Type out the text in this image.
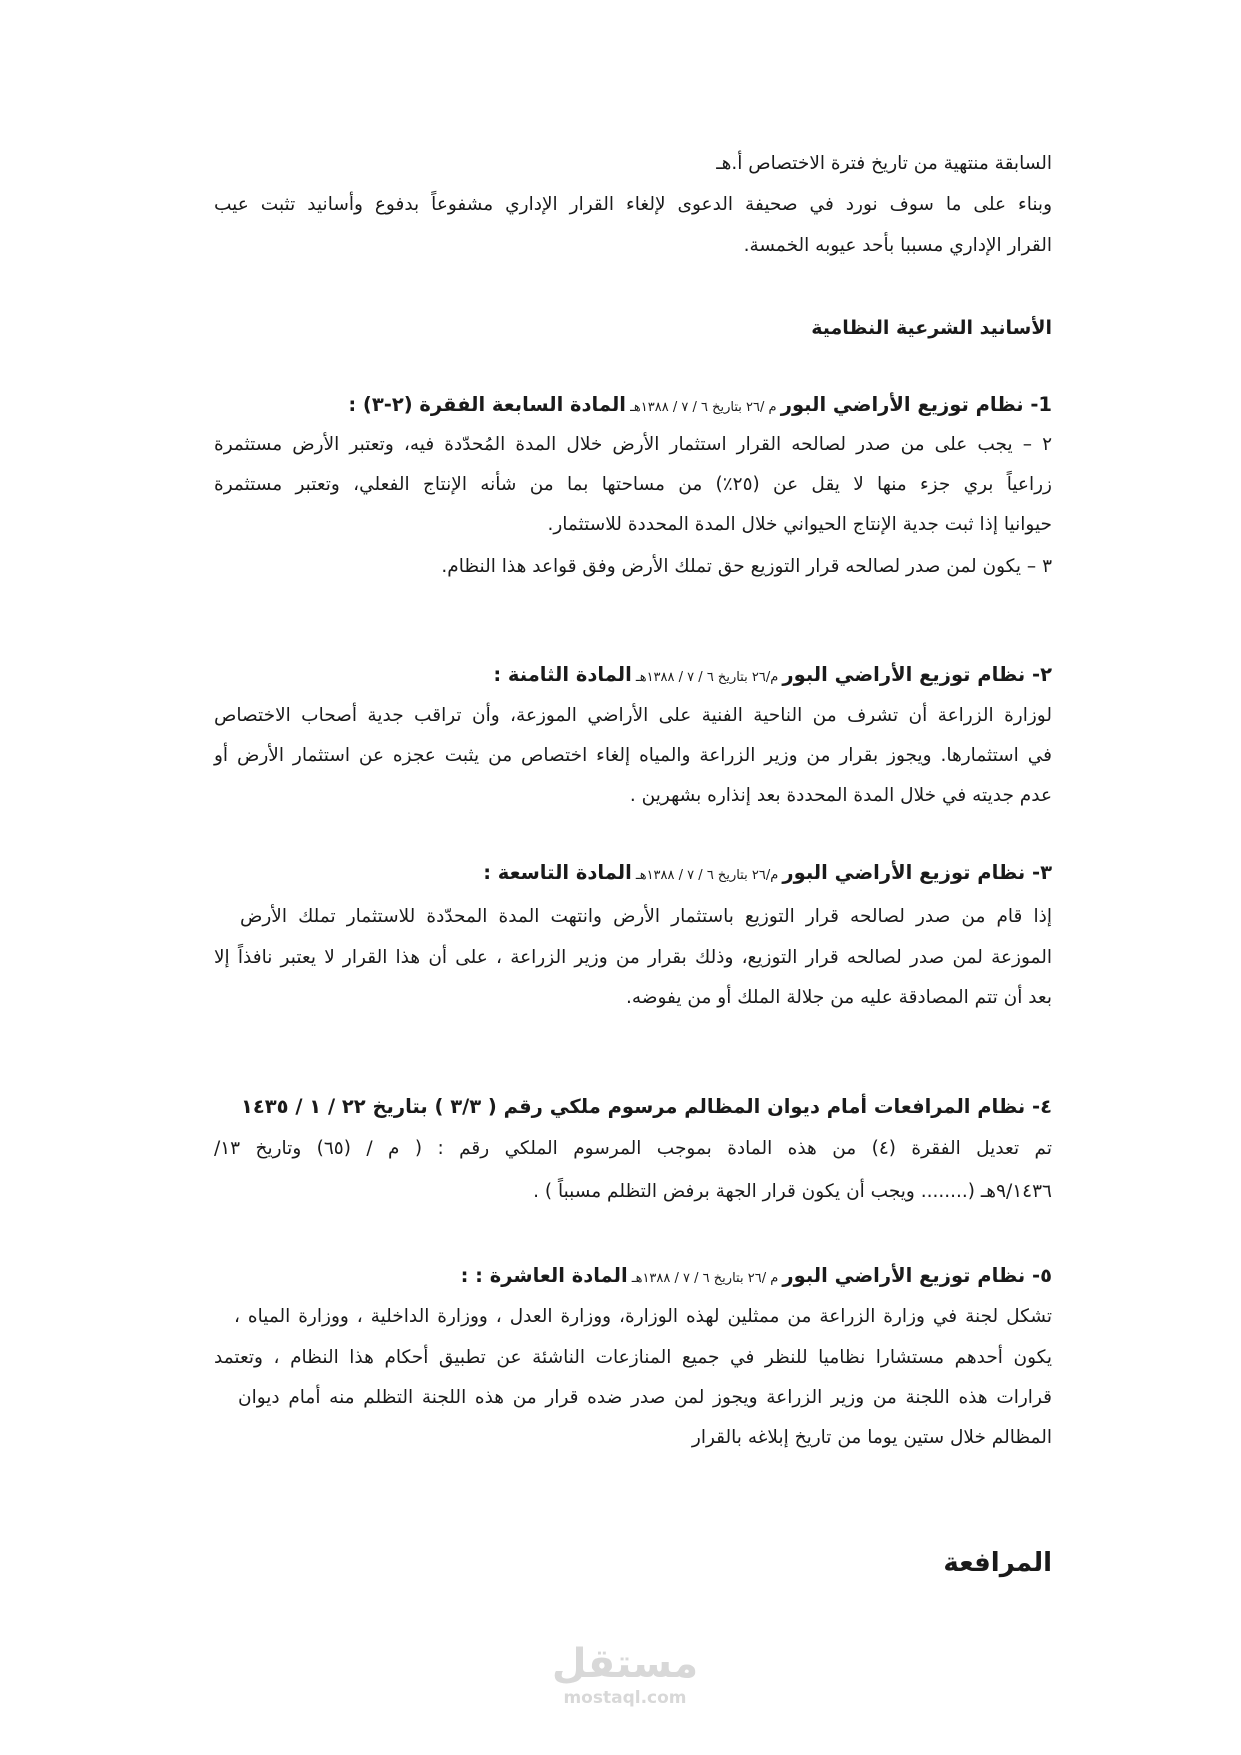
السابقة منتهية من تاريخ فترة الاختصاص أ.هـ
وبناء على ما سوف نورد في صحيفة الدعوى لإلغاء القرار الإداري مشفوعاً بدفوع وأسانيد تثبت عيب
القرار الإداري مسببا بأحد عيوبه الخمسة.
الأسانيد الشرعية النظامية
1- نظام توزيع الأراضي البور م /٢٦ بتاريخ ٦ / ٧ / ١٣٨٨هـ المادة السابعة الفقرة (٢-٣) :
٢ – يجب على من صدر لصالحه القرار استثمار الأرض خلال المدة المُحدّدة فيه، وتعتبر الأرض مستثمرة
زراعياً بري جزء منها لا يقل عن (٢٥٪) من مساحتها بما من شأنه الإنتاج الفعلي، وتعتبر مستثمرة
حيوانيا إذا ثبت جدية الإنتاج الحيواني خلال المدة المحددة للاستثمار.
٣ – يكون لمن صدر لصالحه قرار التوزيع حق تملك الأرض وفق قواعد هذا النظام.
٢- نظام توزيع الأراضي البور م/٢٦ بتاريخ ٦ / ٧ / ١٣٨٨هـ المادة الثامنة :
لوزارة الزراعة أن تشرف من الناحية الفنية على الأراضي الموزعة، وأن تراقب جدية أصحاب الاختصاص
في استثمارها. ويجوز بقرار من وزير الزراعة والمياه إلغاء اختصاص من يثبت عجزه عن استثمار الأرض أو
عدم جديته في خلال المدة المحددة بعد إنذاره بشهرين .
٣- نظام توزيع الأراضي البور م/٢٦ بتاريخ ٦ / ٧ / ١٣٨٨هـ المادة التاسعة :
إذا قام من صدر لصالحه قرار التوزيع باستثمار الأرض وانتهت المدة المحدّدة للاستثمار تملك الأرض
الموزعة لمن صدر لصالحه قرار التوزيع، وذلك بقرار من وزير الزراعة ، على أن هذا القرار لا يعتبر نافذاً إلا
بعد أن تتم المصادقة عليه من جلالة الملك أو من يفوضه.
٤- نظام المرافعات أمام ديوان المظالم مرسوم ملكي رقم ( ٣/٣ ) بتاريخ ٢٢ / ١ / ١٤٣٥
تم تعديل الفقرة (٤) من هذه المادة بموجب المرسوم الملكي رقم : ( م / (٦٥) وتاريخ ١٣/
٩/١٤٣٦هـ (........ ويجب أن يكون قرار الجهة برفض التظلم مسبباً ) .
٥- نظام توزيع الأراضي البور م /٢٦ بتاريخ ٦ / ٧ / ١٣٨٨هـ المادة العاشرة : :
تشكل لجنة في وزارة الزراعة من ممثلين لهذه الوزارة، ووزارة العدل ، ووزارة الداخلية ، ووزارة المياه ،
يكون أحدهم مستشارا نظاميا للنظر في جميع المنازعات الناشئة عن تطبيق أحكام هذا النظام ، وتعتمد
قرارات هذه اللجنة من وزير الزراعة ويجوز لمن صدر ضده قرار من هذه اللجنة التظلم منه أمام ديوان
المظالم خلال ستين يوما من تاريخ إبلاغه بالقرار
المرافعة
مستقل
mostaql.com
